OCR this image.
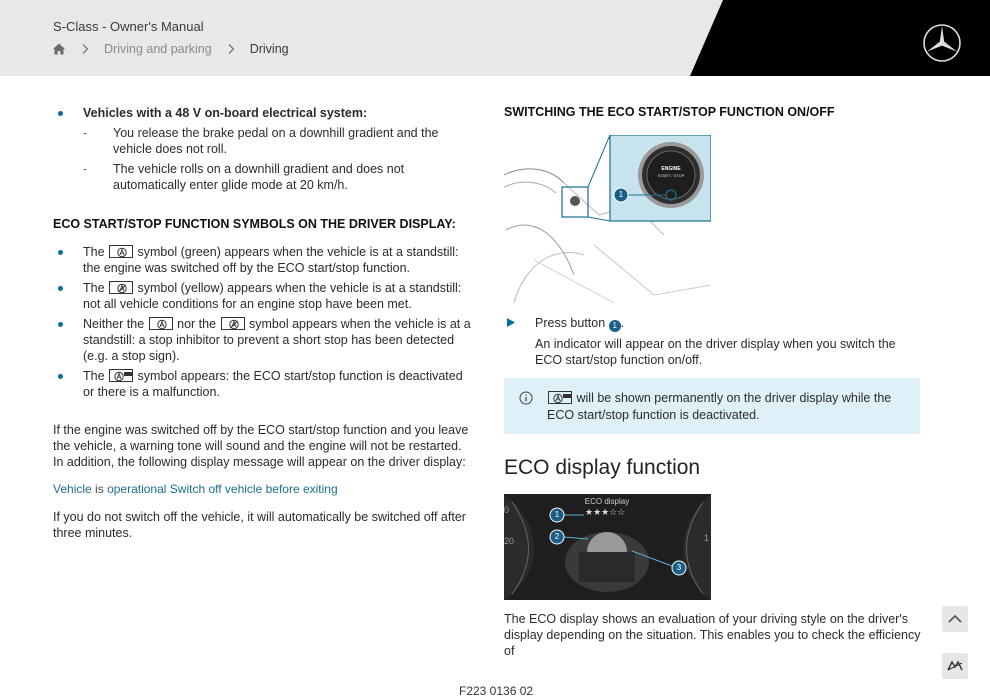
S-Class - Owner's Manual
Driving and parking	Driving
Vehicles with a 48 V on-board electrical system:
- You release the brake pedal on a downhill gradient and the vehicle does not roll.
- The vehicle rolls on a downhill gradient and does not automatically enter glide mode at 20 km/h.
ECO START/STOP FUNCTION SYMBOLS ON THE DRIVER DISPLAY:
The	symbol (green) appears when the vehicle is at a standstill: the engine was switched off by the ECO start/stop function.
The	symbol (yellow) appears when the vehicle is at a standstill: not all vehicle conditions for an engine stop have been met.
Neither the	nor the	symbol appears when the vehicle is at a standstill: a stop inhibitor to prevent a short stop has been detected (e.g. a stop sign).
The	symbol appears: the ECO start/stop function is deactivated or there is a malfunction.

If the engine was switched off by the ECO start/stop function and you leave the vehicle, a warning tone will sound and the engine will not be restarted. In addition, the following display message will appear on the driver display:

Vehicle is operational Switch off vehicle before exiting

If you do not switch off the vehicle, it will automatically be switched off after three minutes.

SWITCHING THE ECO START/STOP FUNCTION ON/OFF
ENGINE
START / STOP
1
Press button 1 .
An indicator will appear on the driver display when you switch the ECO start/stop function on/off.
will be shown permanently on the driver display while the ECO start/stop function is deactivated.
ECO display function
★★★☆☆
ECO display
1
2
3
0
20	1

The ECO display shows an evaluation of your driving style on the driver's display depending on the situation. This enables you to check the efficiency of

F223 0136 02
